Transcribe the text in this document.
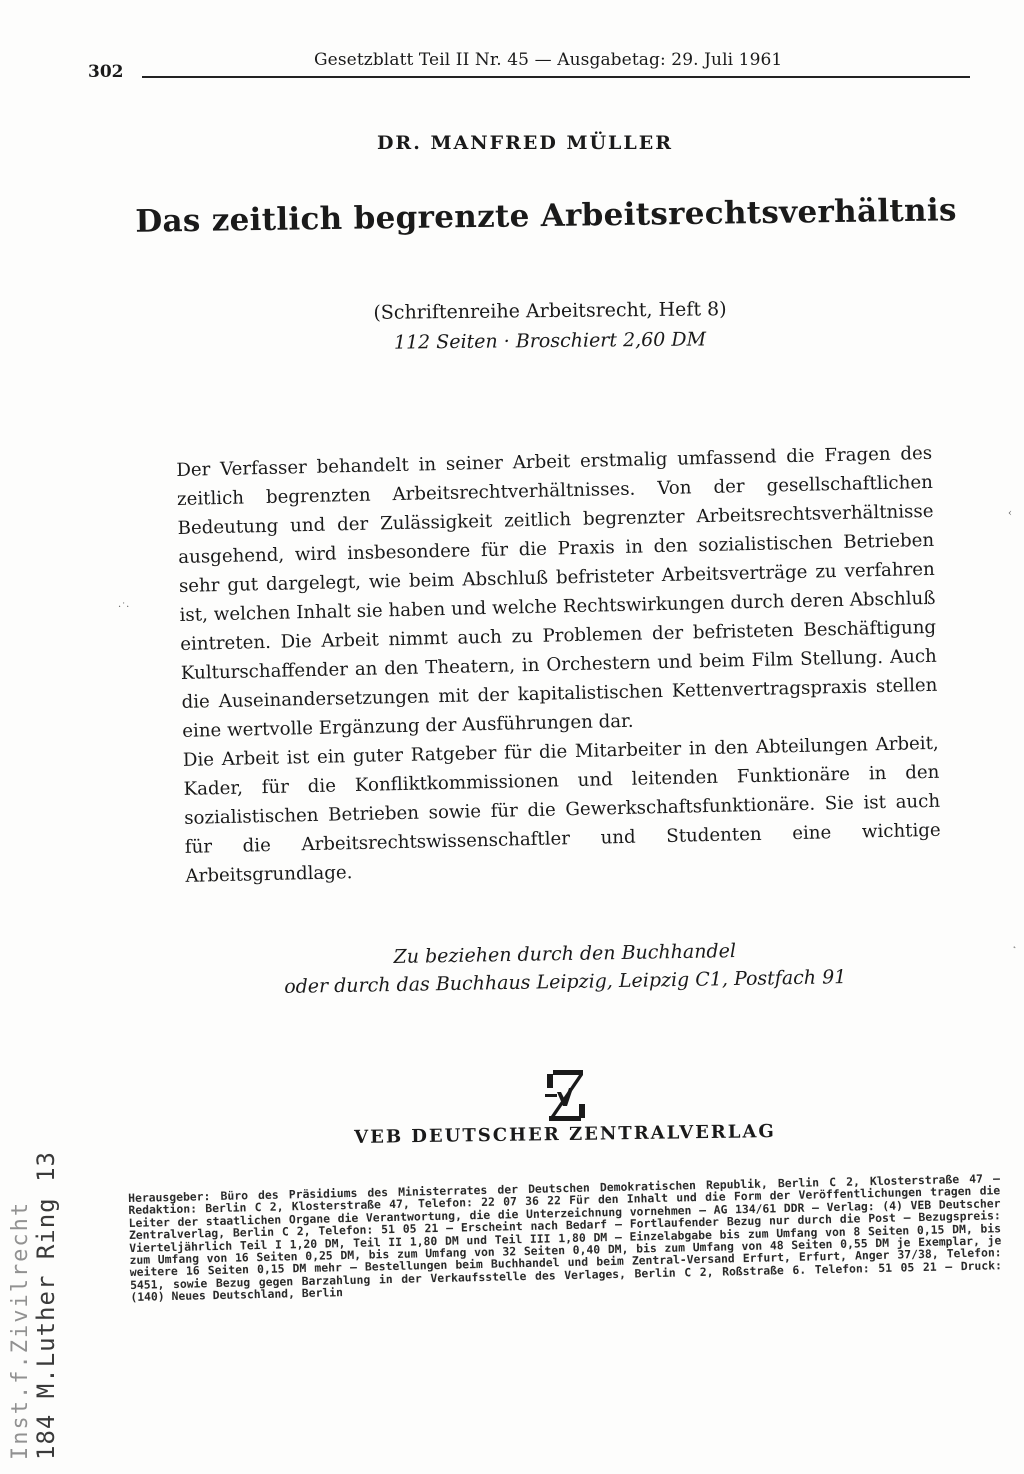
302
Gesetzblatt Teil II Nr. 45 — Ausgabetag: 29. Juli 1961
DR. MANFRED MÜLLER
Das zeitlich begrenzte Arbeitsrechtsverhältnis
(Schriftenreihe Arbeitsrecht, Heft 8)
112 Seiten · Broschiert 2,60 DM

Der Verfasser behandelt in seiner Arbeit erstmalig umfassend die Fragen des zeitlich begrenzten Arbeitsrechtverhältnisses. Von der gesellschaftlichen Bedeutung und der Zulässigkeit zeitlich begrenzter Arbeitsrechtsverhältnisse ausgehend, wird insbesondere für die Praxis in den sozialistischen Betrieben sehr gut dargelegt, wie beim Abschluß befristeter Arbeitsverträge zu verfahren ist, welchen Inhalt sie haben und welche Rechtswirkungen durch deren Abschluß eintreten. Die Arbeit nimmt auch zu Problemen der befristeten Beschäftigung Kulturschaffender an den Theatern, in Orchestern und beim Film Stellung. Auch die Auseinandersetzungen mit der kapitalistischen Kettenvertragspraxis stellen eine wertvolle Ergänzung der Ausführungen dar.

Die Arbeit ist ein guter Ratgeber für die Mitarbeiter in den Abteilungen Arbeit, Kader, für die Konfliktkommissionen und leitenden Funktionäre in den sozialistischen Betrieben sowie für die Gewerkschaftsfunktionäre. Sie ist auch für die Arbeitsrechtswissenschaftler und Studenten eine wichtige Arbeitsgrundlage.

Zu beziehen durch den Buchhandel
oder durch das Buchhaus Leipzig, Leipzig C1, Postfach 91
VEB DEUTSCHER ZENTRALVERLAG
Herausgeber: Büro des Präsidiums des Ministerrates der Deutschen Demokratischen Republik, Berlin C 2, Klosterstraße 47 — Redaktion: Berlin C 2, Klosterstraße 47, Telefon: 22 07 36 22 Für den Inhalt und die Form der Veröffentlichungen tragen die Leiter der staatlichen Organe die Verantwortung, die die Unterzeichnung vornehmen — AG 134/61 DDR — Verlag: (4) VEB Deutscher Zentralverlag, Berlin C 2, Telefon: 51 05 21 — Erscheint nach Bedarf — Fortlaufender Bezug nur durch die Post — Bezugspreis: Vierteljährlich Teil I 1,20 DM, Teil II 1,80 DM und Teil III 1,80 DM — Einzelabgabe bis zum Umfang von 8 Seiten 0,15 DM, bis zum Umfang von 16 Seiten 0,25 DM, bis zum Umfang von 32 Seiten 0,40 DM, bis zum Umfang von 48 Seiten 0,55 DM je Exemplar, je weitere 16 Seiten 0,15 DM mehr — Bestellungen beim Buchhandel und beim Zentral-Versand Erfurt, Erfurt, Anger 37/38, Telefon: 5451, sowie Bezug gegen Barzahlung in der Verkaufsstelle des Verlages, Berlin C 2, Roßstraße 6. Telefon: 51 05 21 — Druck: (140) Neues Deutschland, Berlin
Inst.f.Zivilrecht 184 M.Luther Ring 13
·˙·
‹
˛
